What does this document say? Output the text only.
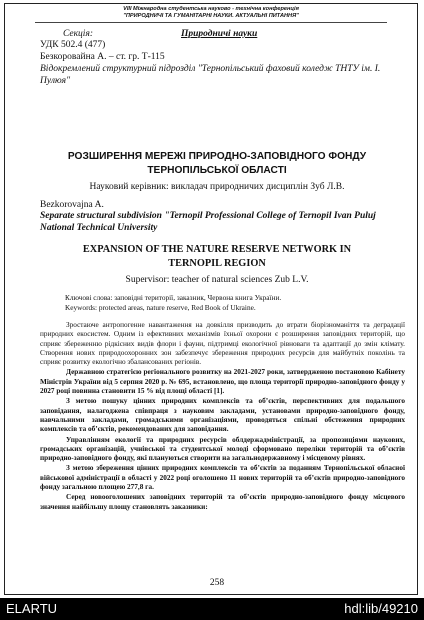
VIII Міжнародна студентська науково - технічна конференція
"ПРИРОДНИЧІ ТА ГУМАНІТАРНІ НАУКИ. АКТУАЛЬНІ ПИТАННЯ"
Секція:	Природничі науки
УДК 502.4 (477)
Безкоровайна А. – ст. гр. Т-115
Відокремлений структурний підрозділ "Тернопільський фаховий коледж ТНТУ ім. І. Пулюя"
РОЗШИРЕННЯ МЕРЕЖІ ПРИРОДНО-ЗАПОВІДНОГО ФОНДУ
ТЕРНОПІЛЬСЬКОЇ ОБЛАСТІ
Науковий керівник: викладач природничих дисциплін Зуб Л.В.
Bezkorovajna A.
Separate structural subdivision "Ternopil Professional College of Ternopil Ivan Puluj National Technical University
EXPANSION OF THE NATURE RESERVE NETWORK IN
TERNOPIL REGION
Supervisor: teacher of natural sciences Zub L.V.
Ключові слова: заповідні території, заказник, Червона книга України.
Keywords: protected areas, nature reserve, Red Book of Ukraine.

Зростаюче антропогенне навантаження на довкілля призводить до втрати біорізноманіття та деградації природних екосистем. Одним із ефективних механізмів їхньої охорони є розширення заповідних територій, що сприяє збереженню рідкісних видів флори і фауни, підтримці екологічної рівноваги та адаптації до змін клімату. Створення нових природоохоронних зон забезпечує збереження природних ресурсів для майбутніх поколінь та сприяє розвитку екологічно збалансованих регіонів.

Державною стратегією регіонального розвитку на 2021-2027 роки, затвердженою постановою Кабінету Міністрів України від 5 серпня 2020 р. № 695, встановлено, що площа території природно-заповідного фонду у 2027 році повинна становити 15 % від площі області [1].

З метою пошуку цінних природних комплексів та об’єктів, перспективних для подальшого заповідання, налагоджена співпраця з науковим закладами, установами природно-заповідного фонду, навчальними закладами, громадськими організаціями, проводяться спільні обстеження природних комплексів та об’єктів, рекомендованих для заповідання.

Управлінням екології та природних ресурсів облдержадміністрації, за пропозиціями наукових, громадських організацій, учнівської та студентської молоді сформовано переліки територій та об’єктів природно-заповідного фонду, які плануються створити на загальнодержавному і місцевому рівнях.

З метою збереження цінних природних комплексів та об’єктів за поданням Тернопільської обласної військової адміністрації в області у 2022 році оголошено 11 нових територій та об’єктів природно-заповідного фонду загальною площею 277,8 га.

Серед новооголошених заповідних територій та об’єктів природно-заповідного фонду місцевого значення найбільшу площу становлять заказники:

258
ELARTU	hdl:lib/49210
